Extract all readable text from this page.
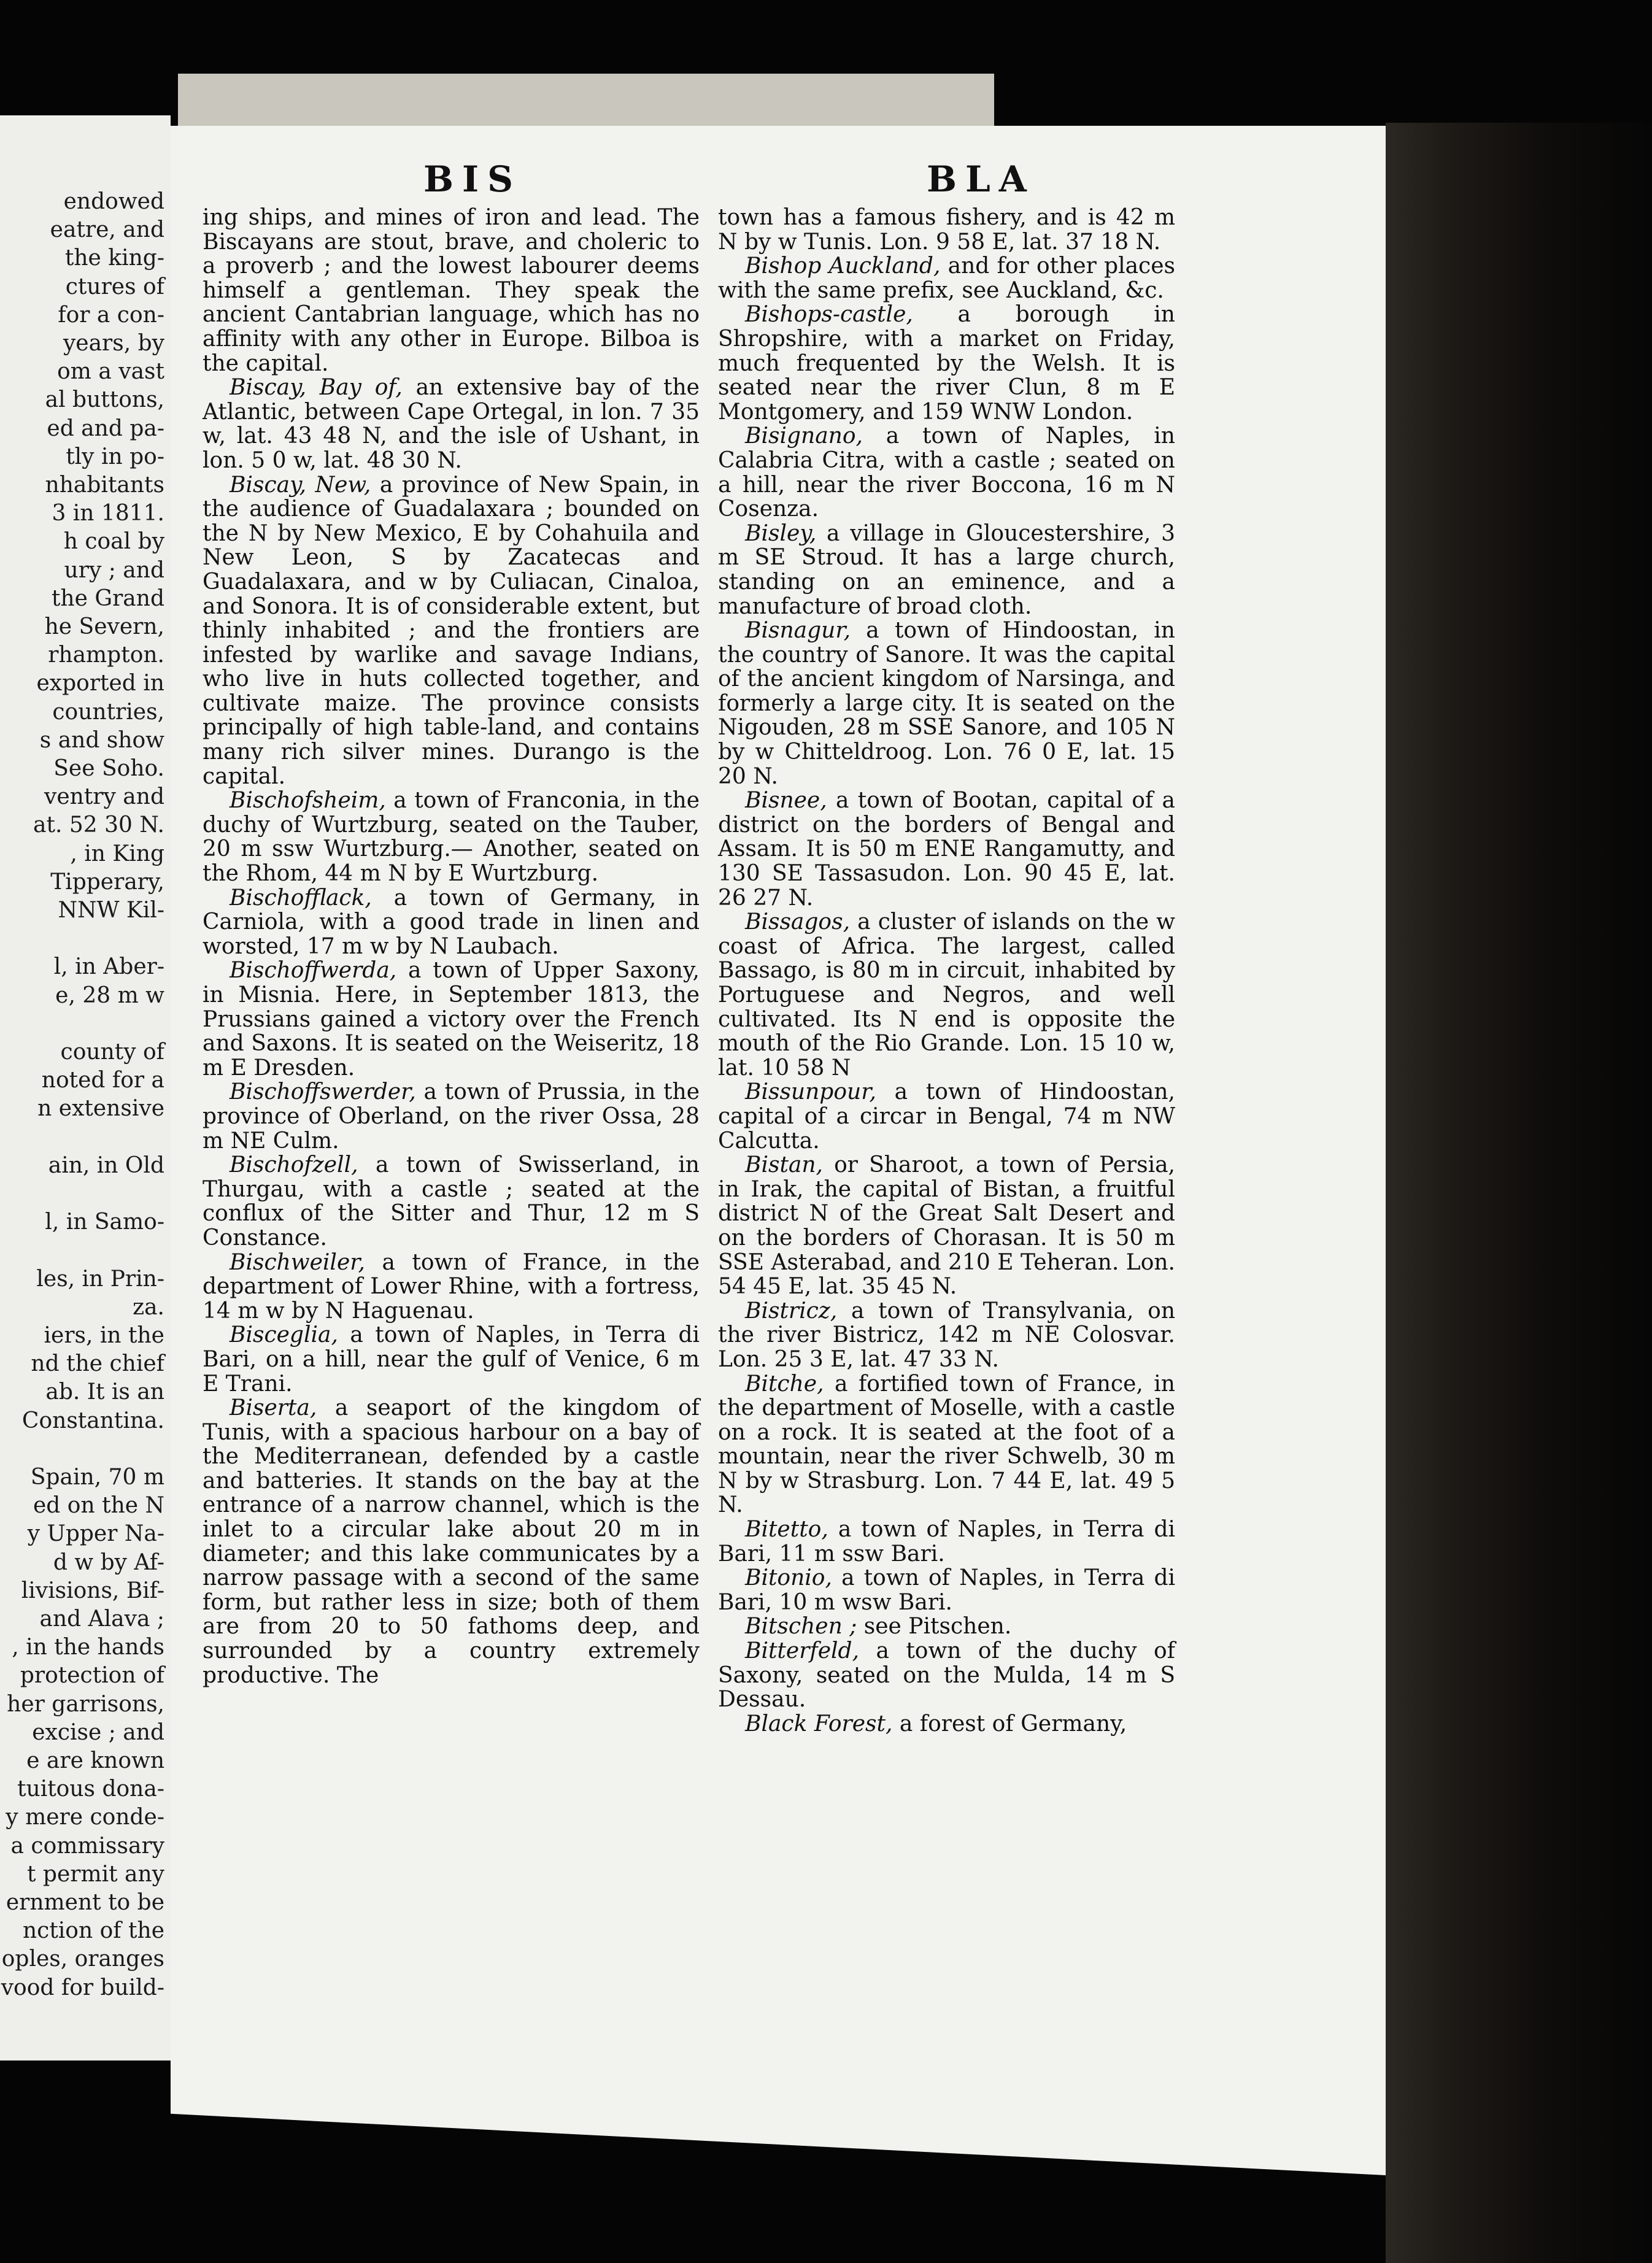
endowed
eatre, and
the king-
ctures of
for a con-
years, by
om a vast
al buttons,
ed and pa-
tly in po-
nhabitants
3 in 1811.
h coal by
ury ; and
the Grand
he Severn,
rhampton.
exported in
countries,
s and show
See Soho.
ventry and
at. 52 30 N.
, in King
Tipperary,
NNW Kil-
l, in Aber-
e, 28 m w
county of
noted for a
n extensive
ain, in Old
l, in Samo-
les, in Prin-
za.
iers, in the
nd the chief
ab. It is an
Constantina.
Spain, 70 m
ed on the N
y Upper Na-
d w by Af-
livisions, Bif-
and Alava ;
, in the hands
protection of
her garrisons,
excise ; and
e are known
tuitous dona-
y mere conde-
a commissary
t permit any
ernment to be
nction of the
oples, oranges
vood for build-
BIS	BLA

ing ships, and mines of iron and lead. The Biscayans are stout, brave, and choleric to a proverb ; and the lowest labourer deems himself a gentleman. They speak the ancient Cantabrian language, which has no affinity with any other in Europe. Bilboa is the capital.

Biscay, Bay of, an extensive bay of the Atlantic, between Cape Ortegal, in lon. 7 35 w, lat. 43 48 N, and the isle of Ushant, in lon. 5 0 w, lat. 48 30 N.

Biscay, New, a province of New Spain, in the audience of Guadalaxara ; bounded on the N by New Mexico, E by Cohahuila and New Leon, S by Zacatecas and Guadalaxara, and w by Culiacan, Cinaloa, and Sonora. It is of considerable extent, but thinly inhabited ; and the frontiers are infested by warlike and savage Indians, who live in huts collected together, and cultivate maize. The province consists principally of high table-land, and contains many rich silver mines. Durango is the capital.

Bischofsheim, a town of Franconia, in the duchy of Wurtzburg, seated on the Tauber, 20 m ssw Wurtzburg.— Another, seated on the Rhom, 44 m N by E Wurtzburg.

Bischofflack, a town of Germany, in Carniola, with a good trade in linen and worsted, 17 m w by N Laubach.

Bischoffwerda, a town of Upper Saxony, in Misnia. Here, in September 1813, the Prussians gained a victory over the French and Saxons. It is seated on the Weiseritz, 18 m E Dresden.

Bischoffswerder, a town of Prussia, in the province of Oberland, on the river Ossa, 28 m NE Culm.

Bischofzell, a town of Swisserland, in Thurgau, with a castle ; seated at the conflux of the Sitter and Thur, 12 m S Constance.

Bischweiler, a town of France, in the department of Lower Rhine, with a fortress, 14 m w by N Haguenau.

Bisceglia, a town of Naples, in Terra di Bari, on a hill, near the gulf of Venice, 6 m E Trani.

Biserta, a seaport of the kingdom of Tunis, with a spacious harbour on a bay of the Mediterranean, defended by a castle and batteries. It stands on the bay at the entrance of a narrow channel, which is the inlet to a circular lake about 20 m in diameter; and this lake communicates by a narrow passage with a second of the same form, but rather less in size; both of them are from 20 to 50 fathoms deep, and surrounded by a country extremely productive. The

town has a famous fishery, and is 42 m N by w Tunis. Lon. 9 58 E, lat. 37 18 N.

Bishop Auckland, and for other places with the same prefix, see Auckland, &c.

Bishops-castle, a borough in Shropshire, with a market on Friday, much frequented by the Welsh. It is seated near the river Clun, 8 m E Montgomery, and 159 WNW London.

Bisignano, a town of Naples, in Calabria Citra, with a castle ; seated on a hill, near the river Boccona, 16 m N Cosenza.

Bisley, a village in Gloucestershire, 3 m SE Stroud. It has a large church, standing on an eminence, and a manufacture of broad cloth.

Bisnagur, a town of Hindoostan, in the country of Sanore. It was the capital of the ancient kingdom of Narsinga, and formerly a large city. It is seated on the Nigouden, 28 m SSE Sanore, and 105 N by w Chitteldroog. Lon. 76 0 E, lat. 15 20 N.

Bisnee, a town of Bootan, capital of a district on the borders of Bengal and Assam. It is 50 m ENE Rangamutty, and 130 SE Tassasudon. Lon. 90 45 E, lat. 26 27 N.

Bissagos, a cluster of islands on the w coast of Africa. The largest, called Bassago, is 80 m in circuit, inhabited by Portuguese and Negros, and well cultivated. Its N end is opposite the mouth of the Rio Grande. Lon. 15 10 w, lat. 10 58 N

Bissunpour, a town of Hindoostan, capital of a circar in Bengal, 74 m NW Calcutta.

Bistan, or Sharoot, a town of Persia, in Irak, the capital of Bistan, a fruitful district N of the Great Salt Desert and on the borders of Chorasan. It is 50 m SSE Asterabad, and 210 E Teheran. Lon. 54 45 E, lat. 35 45 N.

Bistricz, a town of Transylvania, on the river Bistricz, 142 m NE Colosvar. Lon. 25 3 E, lat. 47 33 N.

Bitche, a fortified town of France, in the department of Moselle, with a castle on a rock. It is seated at the foot of a mountain, near the river Schwelb, 30 m N by w Strasburg. Lon. 7 44 E, lat. 49 5 N.

Bitetto, a town of Naples, in Terra di Bari, 11 m ssw Bari.

Bitonio, a town of Naples, in Terra di Bari, 10 m wsw Bari.

Bitschen ; see Pitschen.

Bitterfeld, a town of the duchy of Saxony, seated on the Mulda, 14 m S Dessau.

Black Forest, a forest of Germany,
